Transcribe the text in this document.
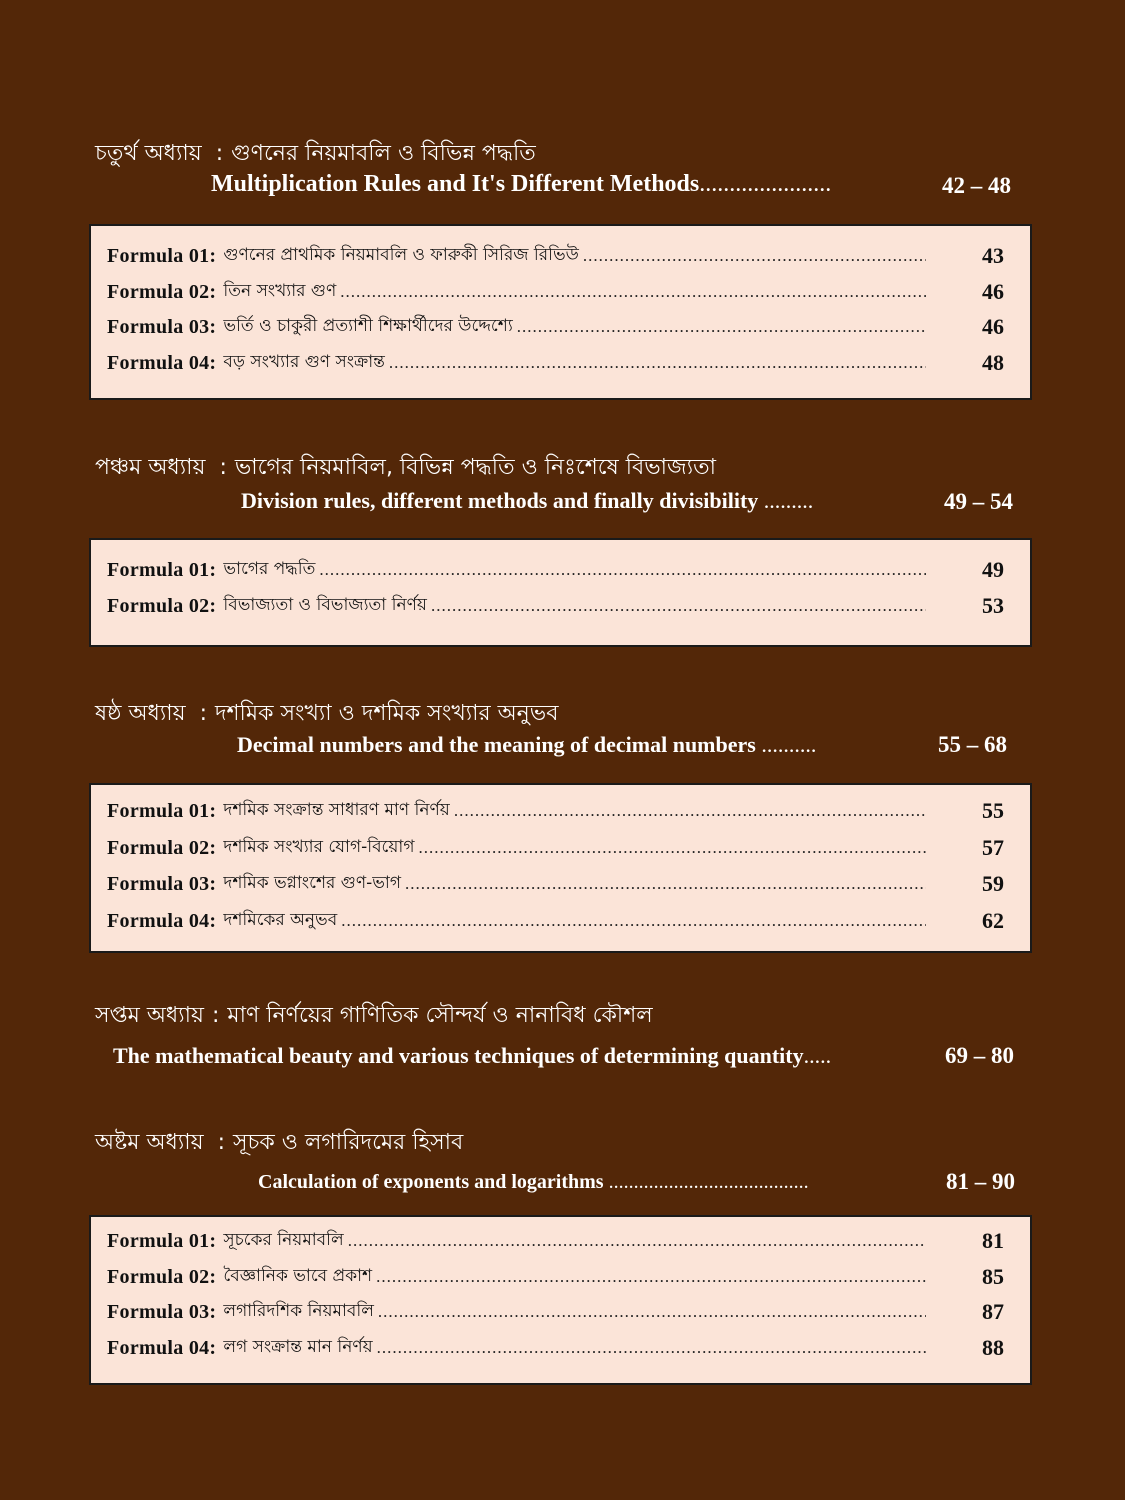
চতুর্থ অধ্যায় : গুণনের নিয়মাবলি ও বিভিন্ন পদ্ধতি
Multiplication Rules and It's Different Methods......................	42 – 48
Formula 01: গুণনের প্রাথমিক নিয়মাবলি ও ফারুকী সিরিজ রিভিউ .....	43
Formula 02: তিন সংখ্যার গুণ .....	46
Formula 03: ভর্তি ও চাকুরী প্রত্যাশী শিক্ষার্থীদের উদ্দেশ্যে .....	46
Formula 04: বড় সংখ্যার গুণ সংক্রান্ত .....	48
পঞ্চম অধ্যায় : ভাগের নিয়মাবিল, বিভিন্ন পদ্ধতি ও নিঃশেষে বিভাজ্যতা
Division rules, different methods and finally divisibility .........	49 – 54
Formula 01: ভাগের পদ্ধতি .....	49
Formula 02: বিভাজ্যতা ও বিভাজ্যতা নির্ণয় .....	53
ষষ্ঠ অধ্যায় : দশমিক সংখ্যা ও দশমিক সংখ্যার অনুভব
Decimal numbers and the meaning of decimal numbers ..........	55 – 68
Formula 01: দশমিক সংক্রান্ত সাধারণ মাণ নির্ণয় .....	55
Formula 02: দশমিক সংখ্যার যোগ-বিয়োগ .....	57
Formula 03: দশমিক ভগ্নাংশের গুণ-ভাগ .....	59
Formula 04: দশমিকের অনুভব .....	62
সপ্তম অধ্যায় : মাণ নির্ণয়ের গাণিতিক সৌন্দর্য ও নানাবিধ কৌশল
The mathematical beauty and various techniques of determining quantity.....	69 – 80
অষ্টম অধ্যায় : সূচক ও লগারিদমের হিসাব
Calculation of exponents and logarithms ........................................	81 – 90
Formula 01: সূচকের নিয়মাবলি .....	81
Formula 02: বৈজ্ঞানিক ভাবে প্রকাশ .....	85
Formula 03: লগারিদশিক নিয়মাবলি .....	87
Formula 04: লগ সংক্রান্ত মান নির্ণয় .....	88
